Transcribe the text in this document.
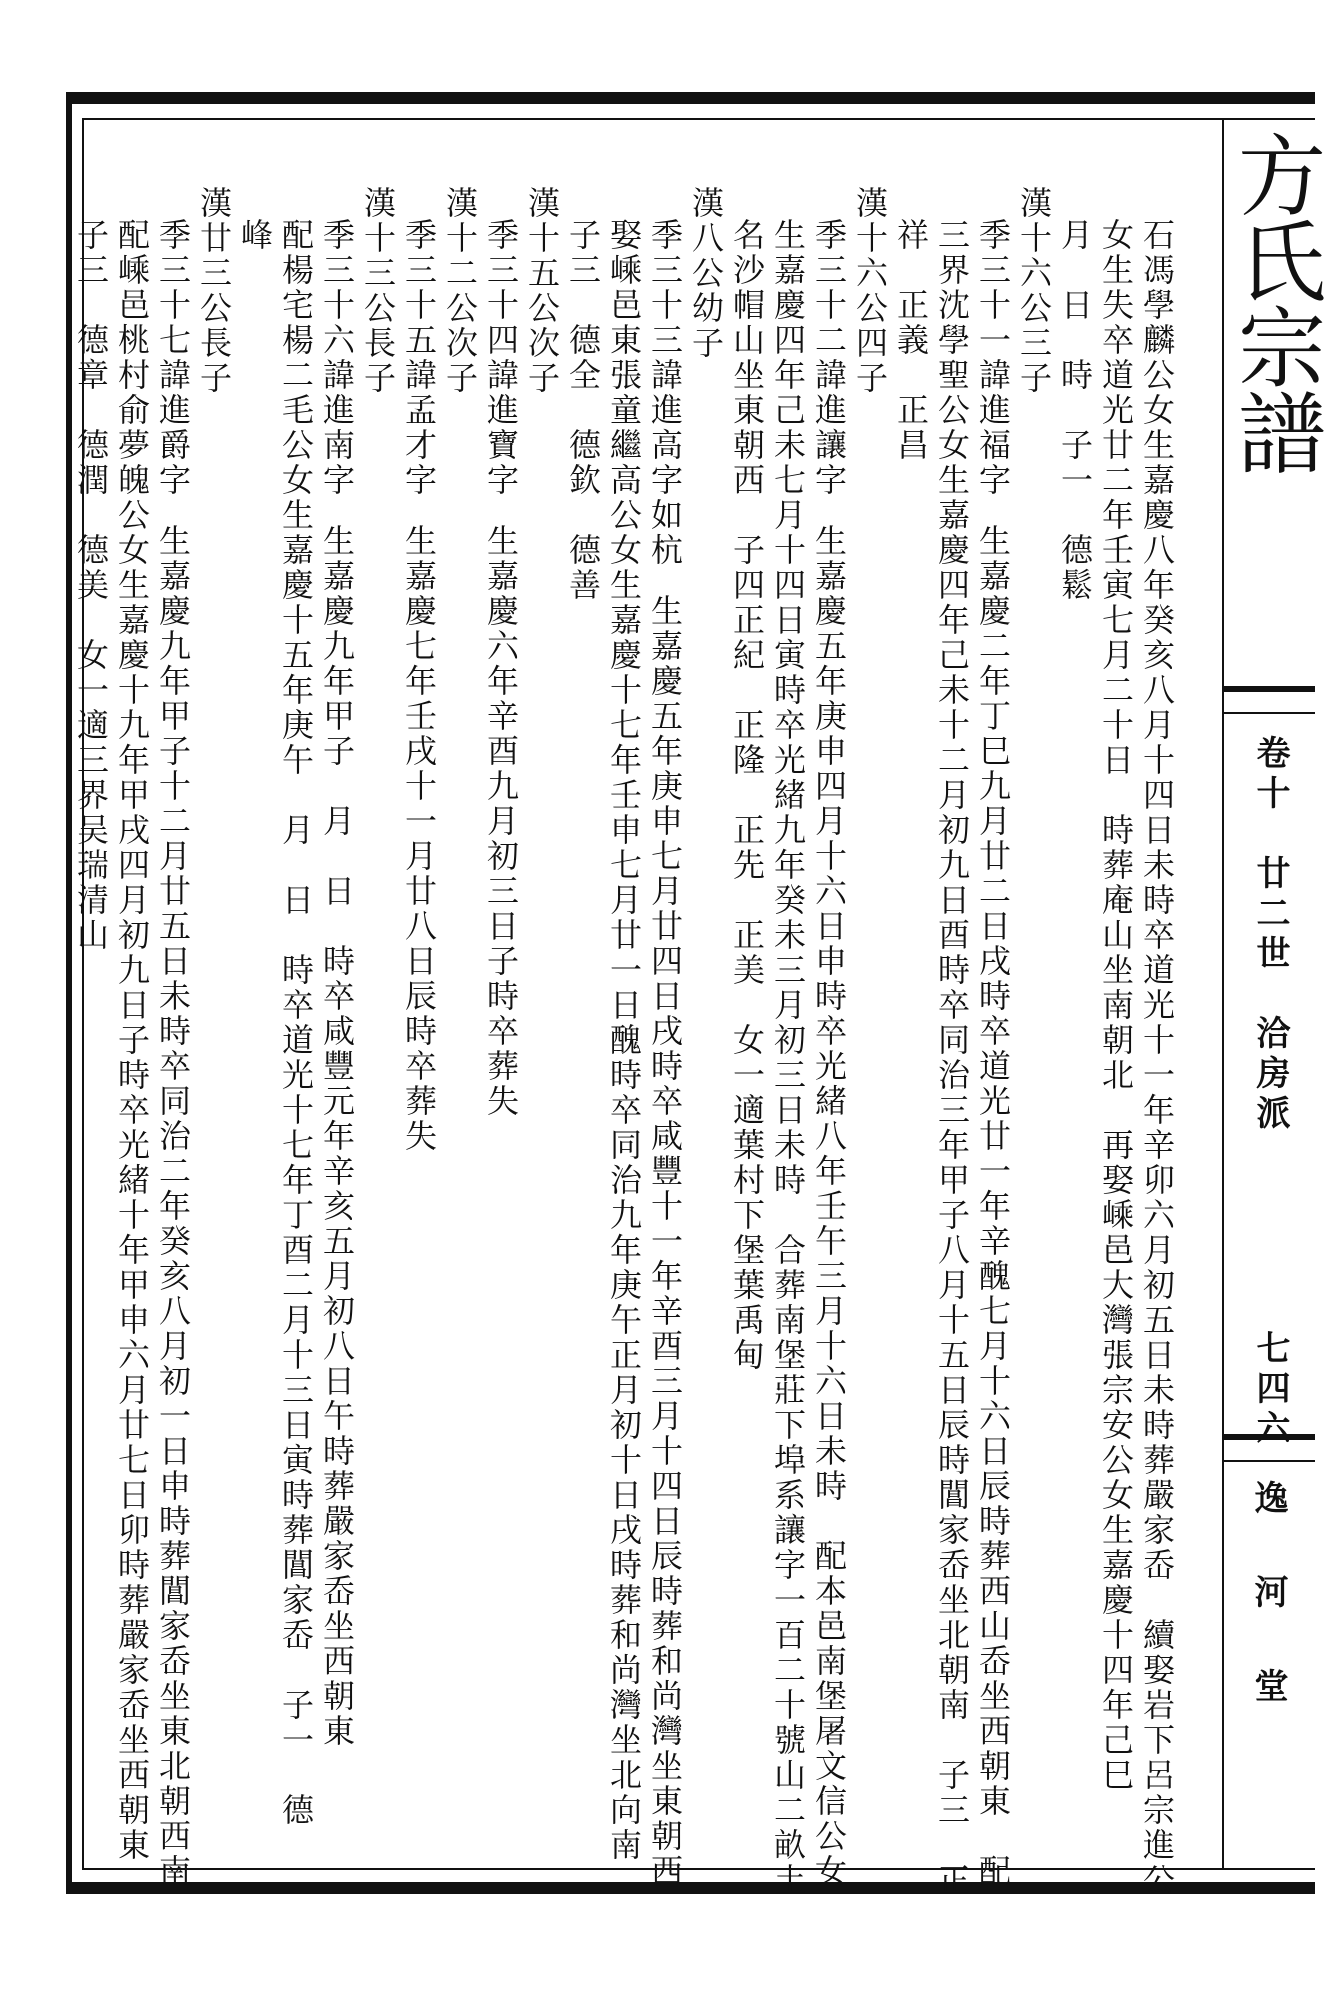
方氏宗譜
卷十　廿二世　洽房派
七四六
逸河堂
石馮學麟公女生嘉慶八年癸亥八月十四日未時卒道光十一年辛卯六月初五日未時葬嚴家岙　續娶岩下呂宗進公
女生失卒道光廿二年壬寅七月二十日　時葬庵山坐南朝北　再娶嵊邑大灣張宗安公女生嘉慶十四年己巳
月　日　時　子一　德鬆
漢十六公三子
季三十一諱進福字生嘉慶二年丁巳九月廿二日戌時卒道光廿一年辛醜七月十六日辰時葬西山岙坐西朝東　配
三界沈學聖公女生嘉慶四年己未十二月初九日酉時卒同治三年甲子八月十五日辰時閶家岙坐北朝南　子三　正
祥　正義　正昌
漢十六公四子
季三十二諱進讓字生嘉慶五年庚申四月十六日申時卒光緒八年壬午三月十六日未時　配本邑南堡屠文信公女
生嘉慶四年己未七月十四日寅時卒光緒九年癸未三月初三日未時　合葬南堡莊下埠系讓字一百二十號山二畝土
名沙帽山坐東朝西　子四正紀　正隆　正先　正美　女一適葉村下堡葉禹甸
漢八公幼子
季三十三諱進高字如杭生嘉慶五年庚申七月廿四日戌時卒咸豐十一年辛酉三月十四日辰時葬和尚灣坐東朝西
娶嵊邑東張童繼高公女生嘉慶十七年壬申七月廿一日醜時卒同治九年庚午正月初十日戌時葬和尚灣坐北向南
子三　德全　德欽　德善
漢十五公次子
季三十四諱進寶字生嘉慶六年辛酉九月初三日子時卒葬失
漢十二公次子
季三十五諱孟才字生嘉慶七年壬戌十一月廿八日辰時卒葬失
漢十三公長子
季三十六諱進南字生嘉慶九年甲子　月　日　時卒咸豐元年辛亥五月初八日午時葬嚴家岙坐西朝東
配楊宅楊二毛公女生嘉慶十五年庚午　月　日　時卒道光十七年丁酉二月十三日寅時葬閶家岙　子一　德
峰
漢廿三公長子
季三十七諱進爵字生嘉慶九年甲子十二月廿五日未時卒同治二年癸亥八月初一日申時葬閶家岙坐東北朝西南
配嵊邑桃村俞夢魄公女生嘉慶十九年甲戌四月初九日子時卒光緒十年甲申六月廿七日卯時葬嚴家岙坐西朝東
子三　德章　德潤　德美　女一適三界吴瑞清山
